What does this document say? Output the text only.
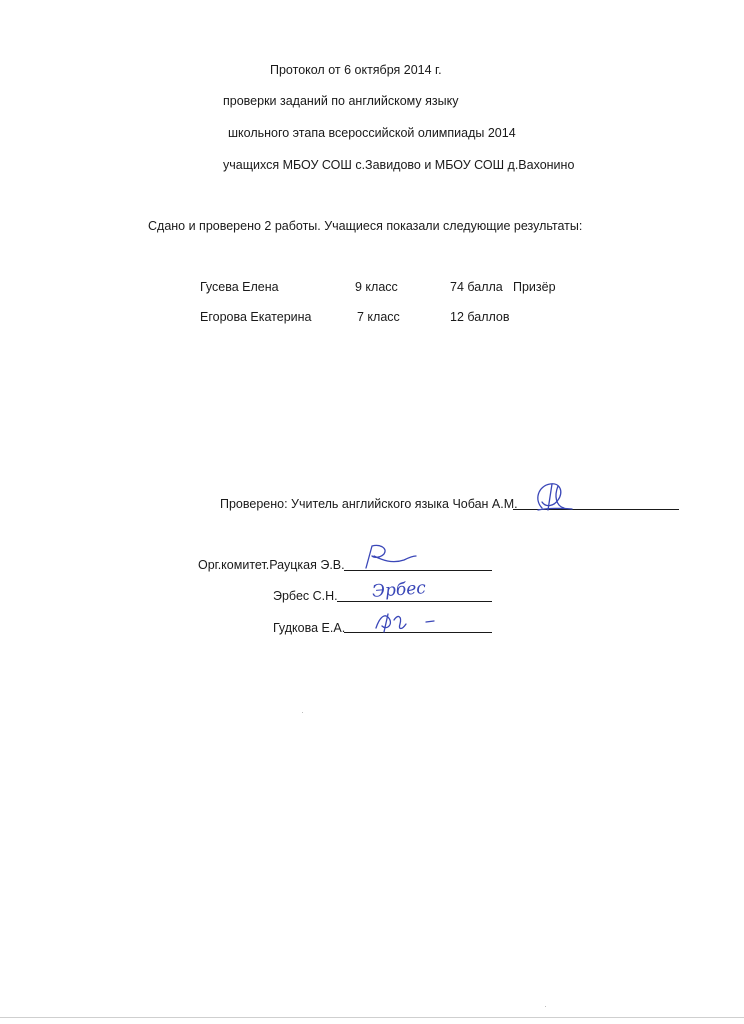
Протокол от 6 октября 2014 г.
проверки заданий по английскому языку
школьного этапа всероссийской олимпиады 2014
учащихся МБОУ СОШ с.Завидово и МБОУ СОШ д.Вахонино
Сдано и проверено 2 работы. Учащиеся показали следующие результаты:
Гусева Елена	9 класс	74 балла Призёр
Егорова Екатерина	7 класс	12 баллов
Проверено: Учитель английского языка Чобан А.М.
Орг.комитет.Рауцкая Э.В.
Эрбес С.Н. Эрбес
Гудкова Е.А.
